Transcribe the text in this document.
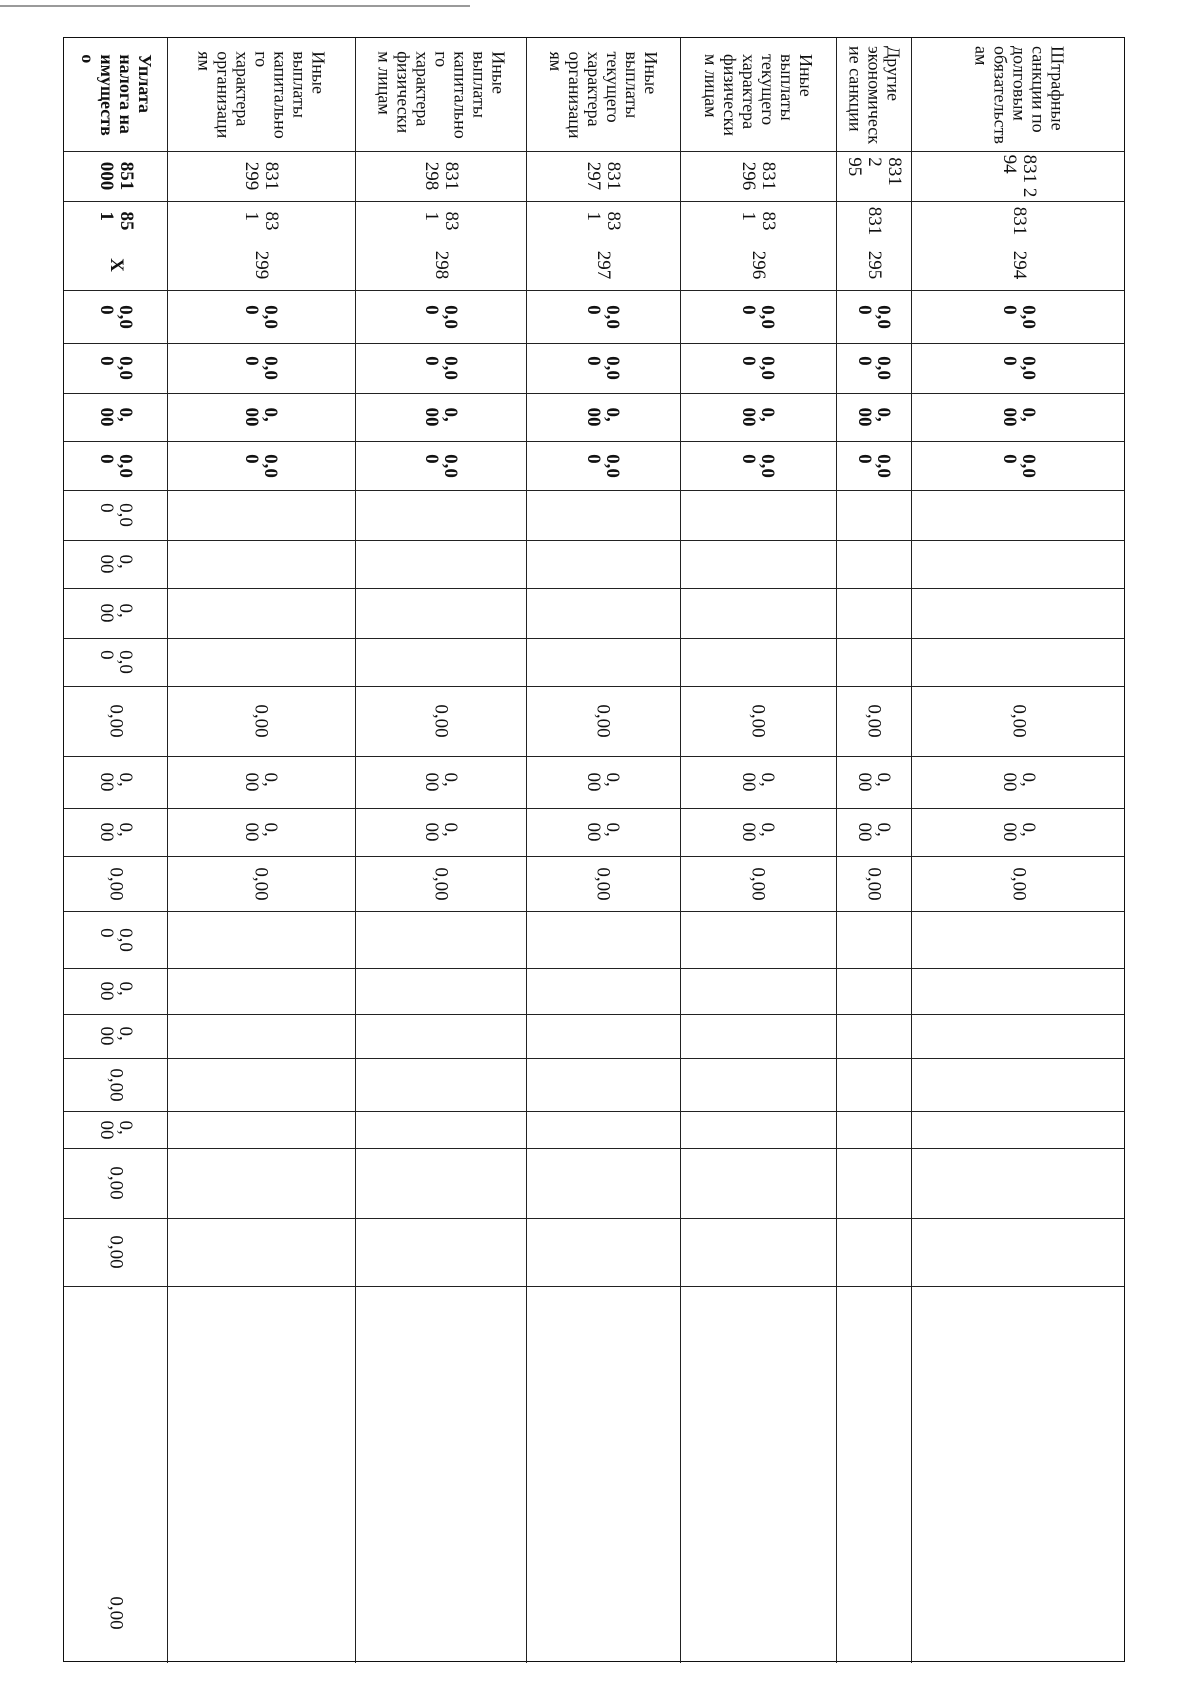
Штрафные
санкции по
долговым
обязательств
ам
831 2
94
831
294
0,0
0
0,0
0
0,
00
0,0
0
0,00
0,
00
0,
00
0,00
Другие
экономическ
ие санкции
831 2
95
831
295
0,0
0
0,0
0
0,
00
0,0
0
0,00
0,
00
0,
00
0,00
Иные
выплаты
текущего
характера
физически
м лицам
831
296
83
1
296
0,0
0
0,0
0
0,
00
0,0
0
0,00
0,
00
0,
00
0,00
Иные
выплаты
текущего
характера
организаци
ям
831
297
83
1
297
0,0
0
0,0
0
0,
00
0,0
0
0,00
0,
00
0,
00
0,00
Иные
выплаты
капитально
го
характера
физически
м лицам
831
298
83
1
298
0,0
0
0,0
0
0,
00
0,0
0
0,00
0,
00
0,
00
0,00
Иные
выплаты
капитально
го
характера
организаци
ям
831
299
83
1
299
0,0
0
0,0
0
0,
00
0,0
0
0,00
0,
00
0,
00
0,00
Уплата
налога на
имуществ
о
851
000
85
1
X
0,0
0
0,0
0
0,
00
0,0
0
0,0
0
0,
00
0,
00
0,0
0
0,00
0,
00
0,
00
0,00
0,0
0
0,
00
0,
00
0,00
0,
00
0,00
0,00
0,00
